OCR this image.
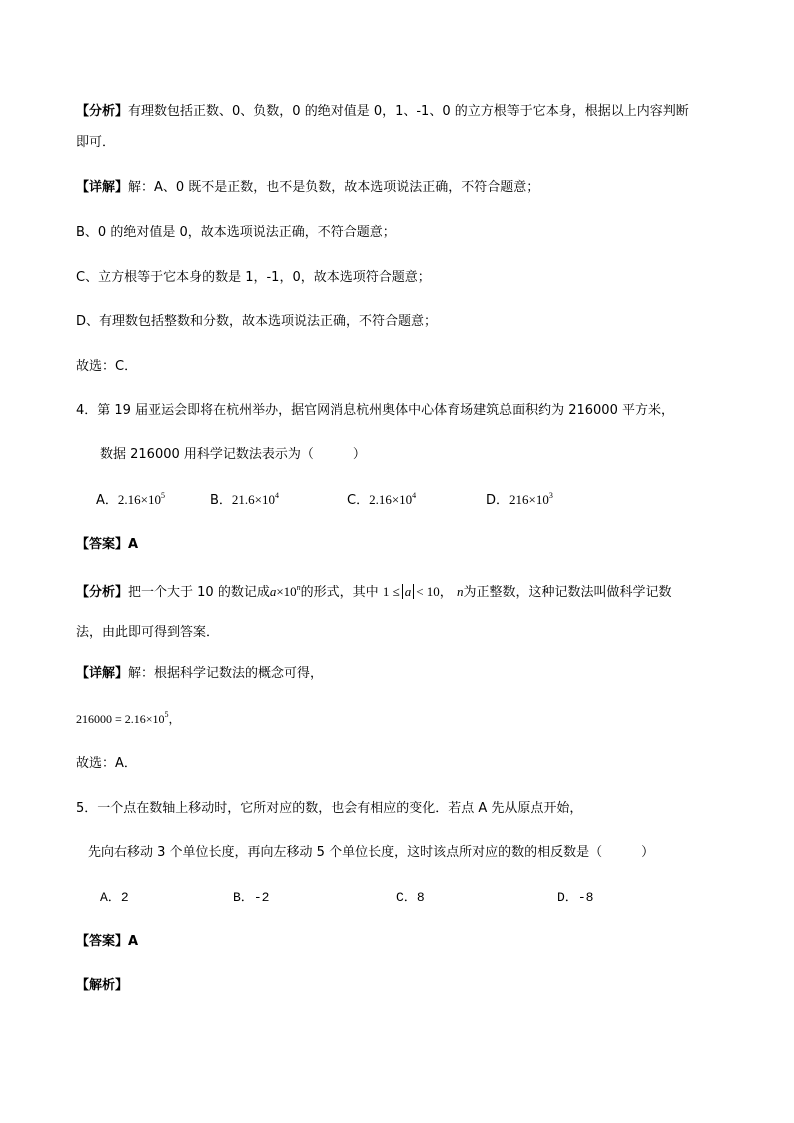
【分析】有理数包括正数、0、负数，0 的绝对值是 0，1、-1、0 的立方根等于它本身，根据以上内容判断
即可．
【详解】解：A、0 既不是正数，也不是负数，故本选项说法正确，不符合题意；
B、0 的绝对值是 0，故本选项说法正确，不符合题意；
C、立方根等于它本身的数是 1，-1，0，故本选项符合题意；
D、有理数包括整数和分数，故本选项说法正确，不符合题意；
故选：C．
4．第 19 届亚运会即将在杭州举办，据官网消息杭州奥体中心体育场建筑总面积约为 216000 平方米，
数据 216000 用科学记数法表示为（　　　）
A．$2.16\times 10^5$	B．$21.6\times 10^4$	C．$2.16\times 10^4$	D．$216\times 10^3$
【答案】A
【分析】把一个大于 10 的数记成$a\times 10^n$的形式，其中 1 ≤ a < 10， n为正整数，这种记数法叫做科学记数
法，由此即可得到答案．
【详解】解：根据科学记数法的概念可得，
$216000 = 2.16\times 10^5$，
故选：A．
5．一个点在数轴上移动时，它所对应的数，也会有相应的变化．若点 A 先从原点开始，
先向右移动 3 个单位长度，再向左移动 5 个单位长度，这时该点所对应的数的相反数是（　　　）
A．2	B．-2	C．8	D．-8
【答案】A
【解析】
